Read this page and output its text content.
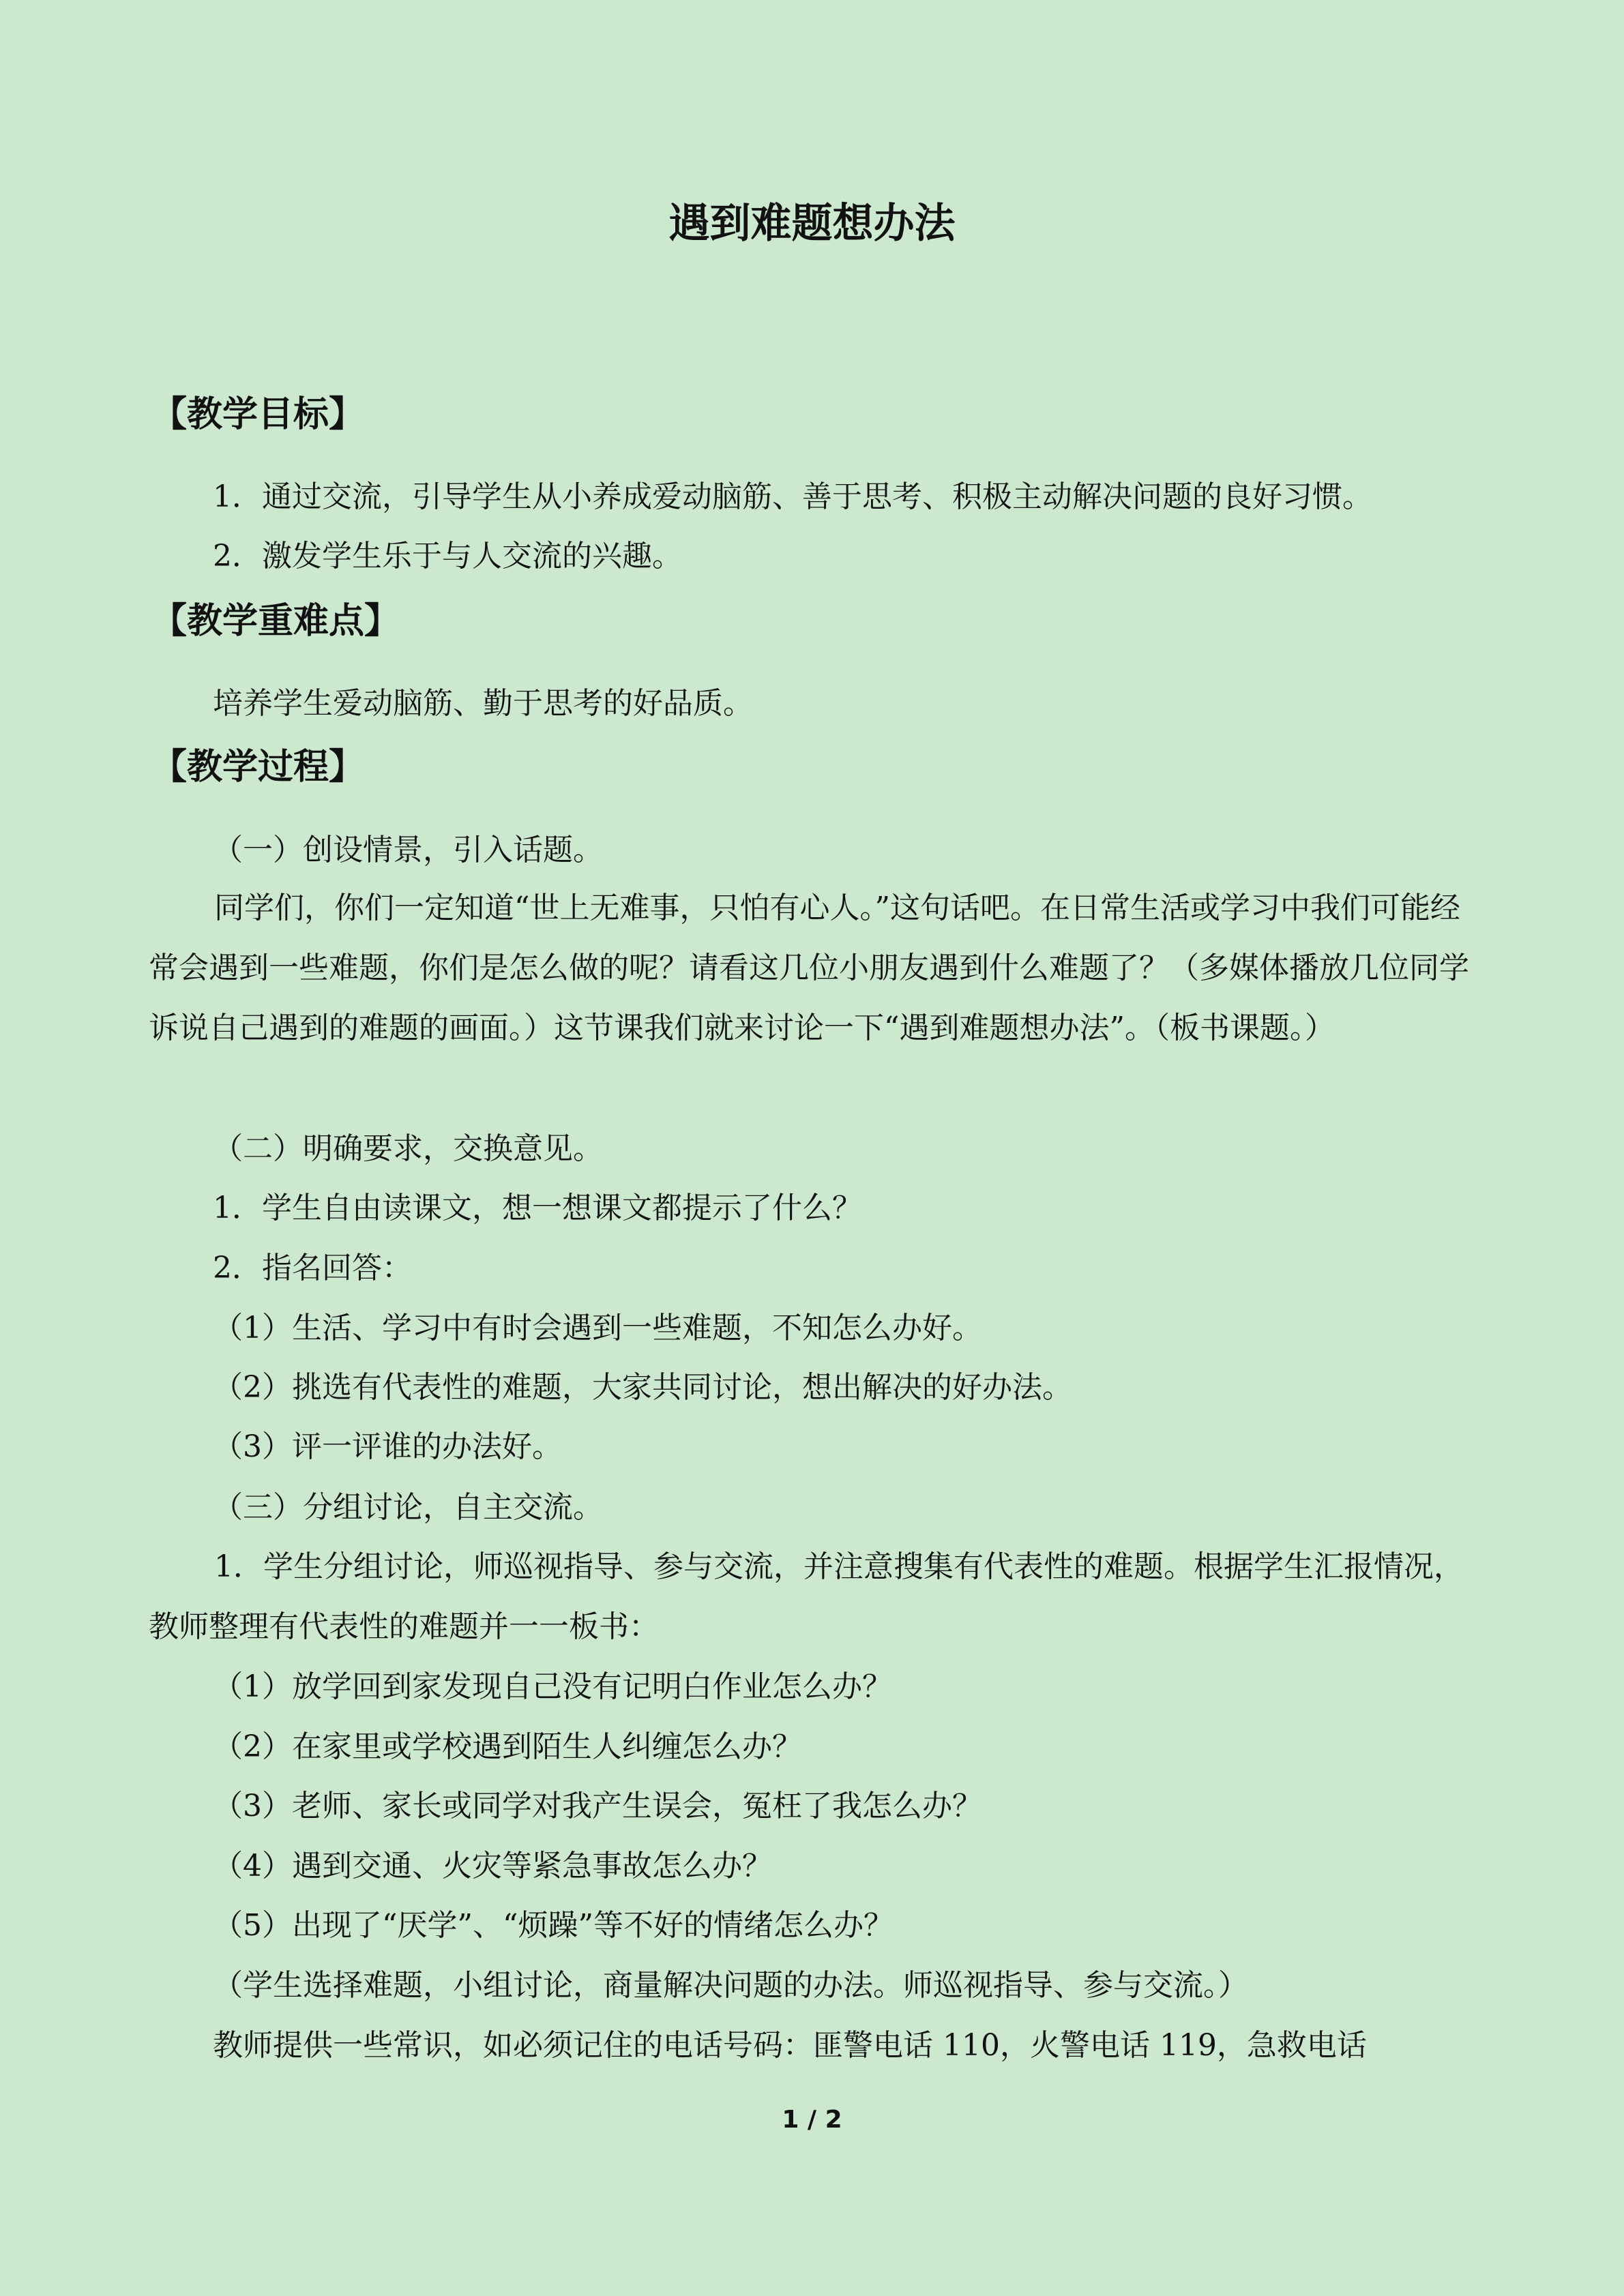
遇到难题想办法
【教学目标】
1．通过交流，引导学生从小养成爱动脑筋、善于思考、积极主动解决问题的良好习惯。
2．激发学生乐于与人交流的兴趣。
【教学重难点】
培养学生爱动脑筋、勤于思考的好品质。
【教学过程】
（一）创设情景，引入话题。

同学们，你们一定知道“世上无难事，只怕有心人。”这句话吧。在日常生活或学习中我们可能经常会遇到一些难题，你们是怎么做的呢？请看这几位小朋友遇到什么难题了？（多媒体播放几位同学诉说自己遇到的难题的画面。）这节课我们就来讨论一下“遇到难题想办法”。（板书课题。）

（二）明确要求，交换意见。
1．学生自由读课文，想一想课文都提示了什么？
2．指名回答：
（1）生活、学习中有时会遇到一些难题，不知怎么办好。
（2）挑选有代表性的难题，大家共同讨论，想出解决的好办法。
（3）评一评谁的办法好。
（三）分组讨论，自主交流。

1．学生分组讨论，师巡视指导、参与交流，并注意搜集有代表性的难题。根据学生汇报情况，教师整理有代表性的难题并一一板书：

（1）放学回到家发现自己没有记明白作业怎么办？
（2）在家里或学校遇到陌生人纠缠怎么办？
（3）老师、家长或同学对我产生误会，冤枉了我怎么办？
（4）遇到交通、火灾等紧急事故怎么办？
（5）出现了“厌学”、“烦躁”等不好的情绪怎么办？
（学生选择难题，小组讨论，商量解决问题的办法。师巡视指导、参与交流。）
教师提供一些常识，如必须记住的电话号码：匪警电话 110，火警电话 119，急救电话
1 / 2
